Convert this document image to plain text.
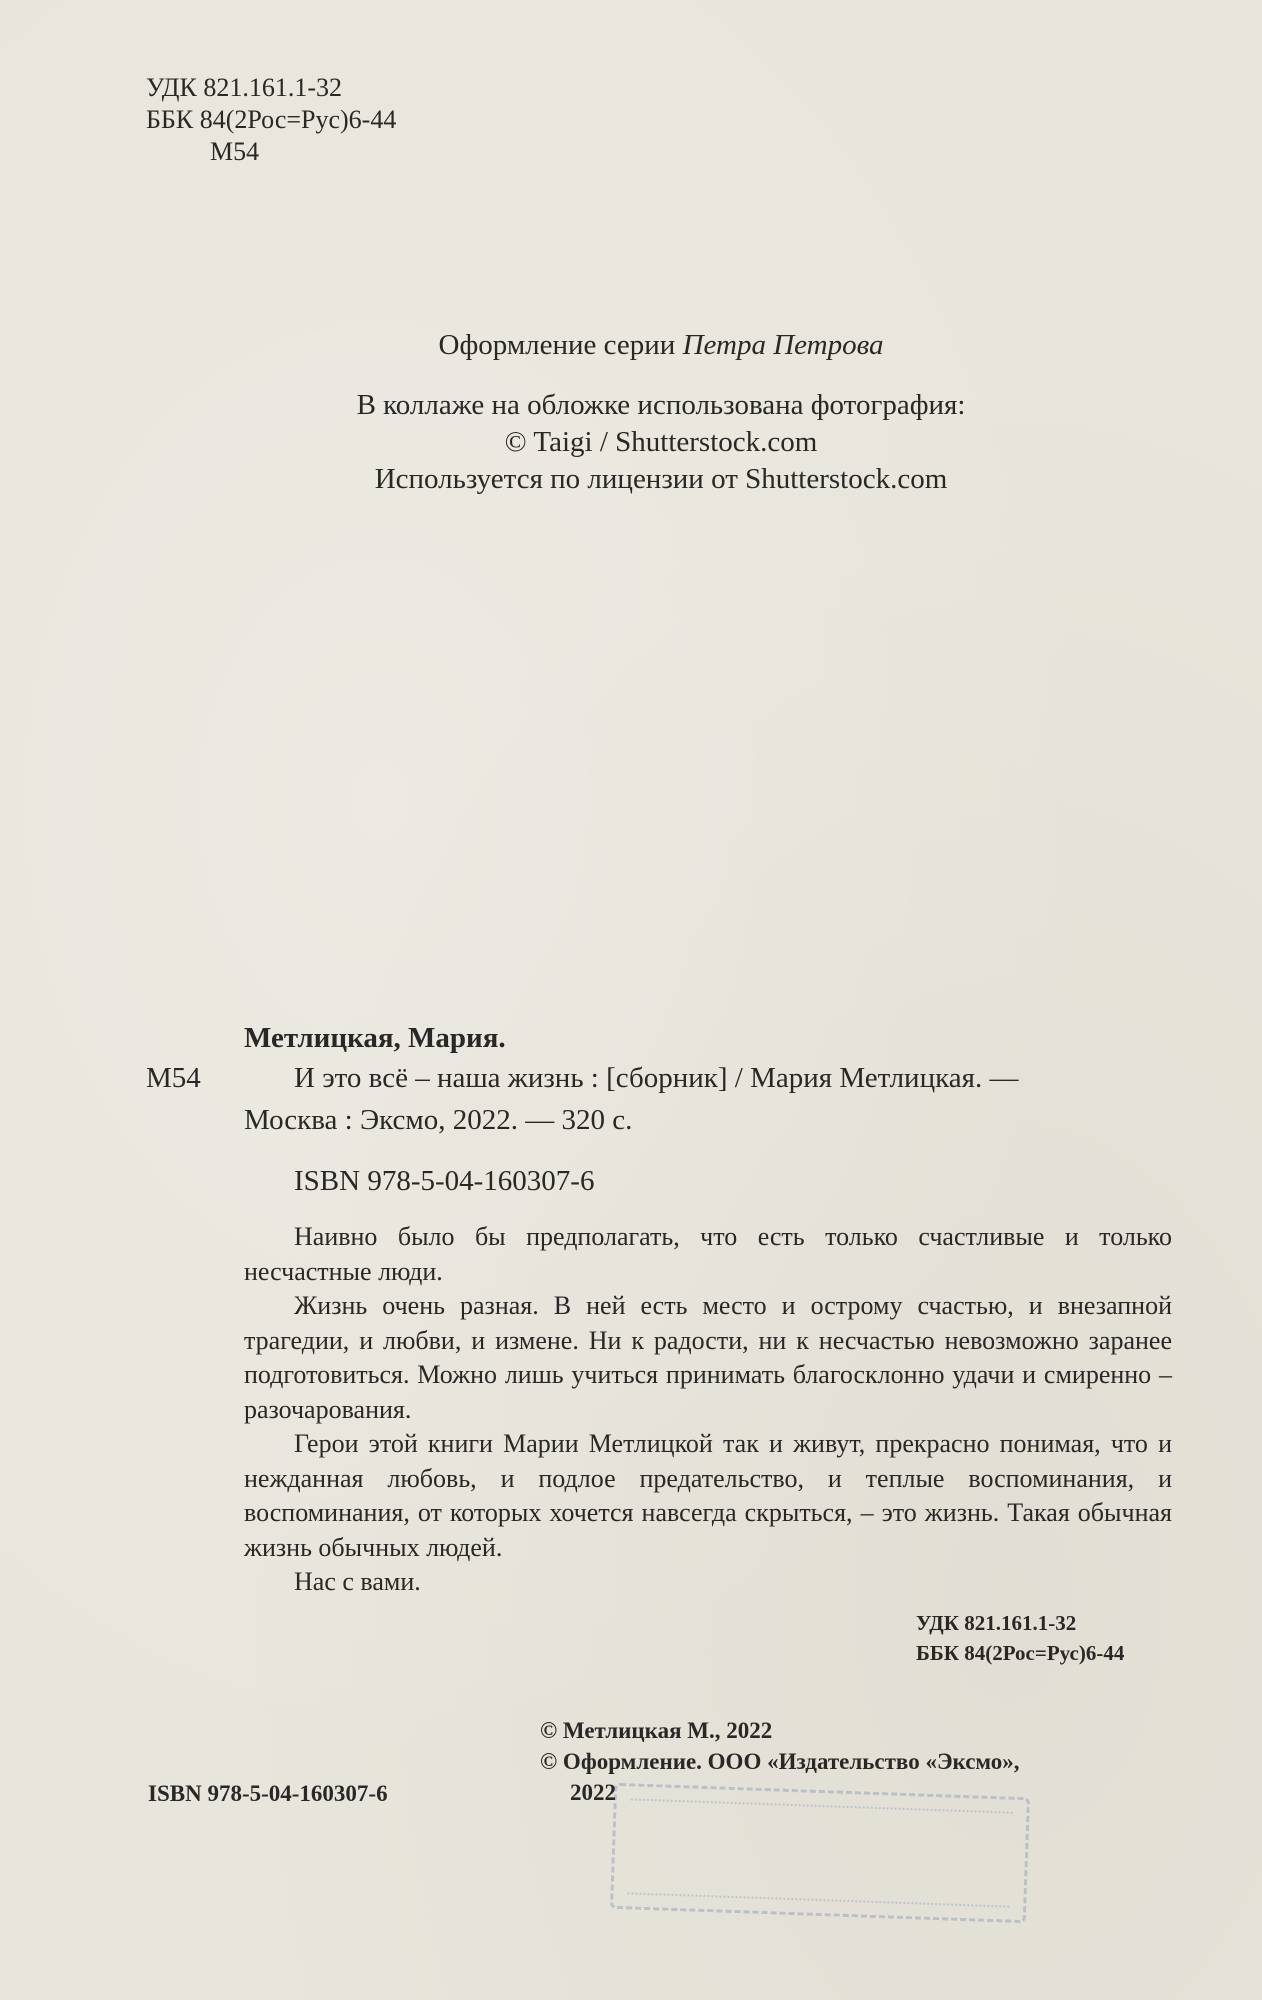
УДК 821.161.1-32
ББК 84(2Рос=Рус)6-44
М54
Оформление серии Петра Петрова
В коллаже на обложке использована фотография:
© Taigi / Shutterstock.com
Используется по лицензии от Shutterstock.com
Метлицкая, Мария.
М54	И это всё – наша жизнь : [сборник] / Мария Метлицкая. —
Москва : Эксмо, 2022. — 320 с.
ISBN 978-5-04-160307-6

Наивно было бы предполагать, что есть только счастливые и только несчастные люди.

Жизнь очень разная. В ней есть место и острому счастью, и внезапной трагедии, и любви, и измене. Ни к радости, ни к несчастью невозможно заранее подготовиться. Можно лишь учиться принимать благосклонно удачи и смиренно – разочарования.

Герои этой книги Марии Метлицкой так и живут, прекрасно понимая, что и нежданная любовь, и подлое предательство, и теплые воспоминания, и воспоминания, от которых хочется навсегда скрыться, – это жизнь. Такая обычная жизнь обычных людей.

Нас с вами.

УДК 821.161.1-32
ББК 84(2Рос=Рус)6-44
© Метлицкая М., 2022
© Оформление. ООО «Издательство «Эксмо»,
2022
ISBN 978-5-04-160307-6
